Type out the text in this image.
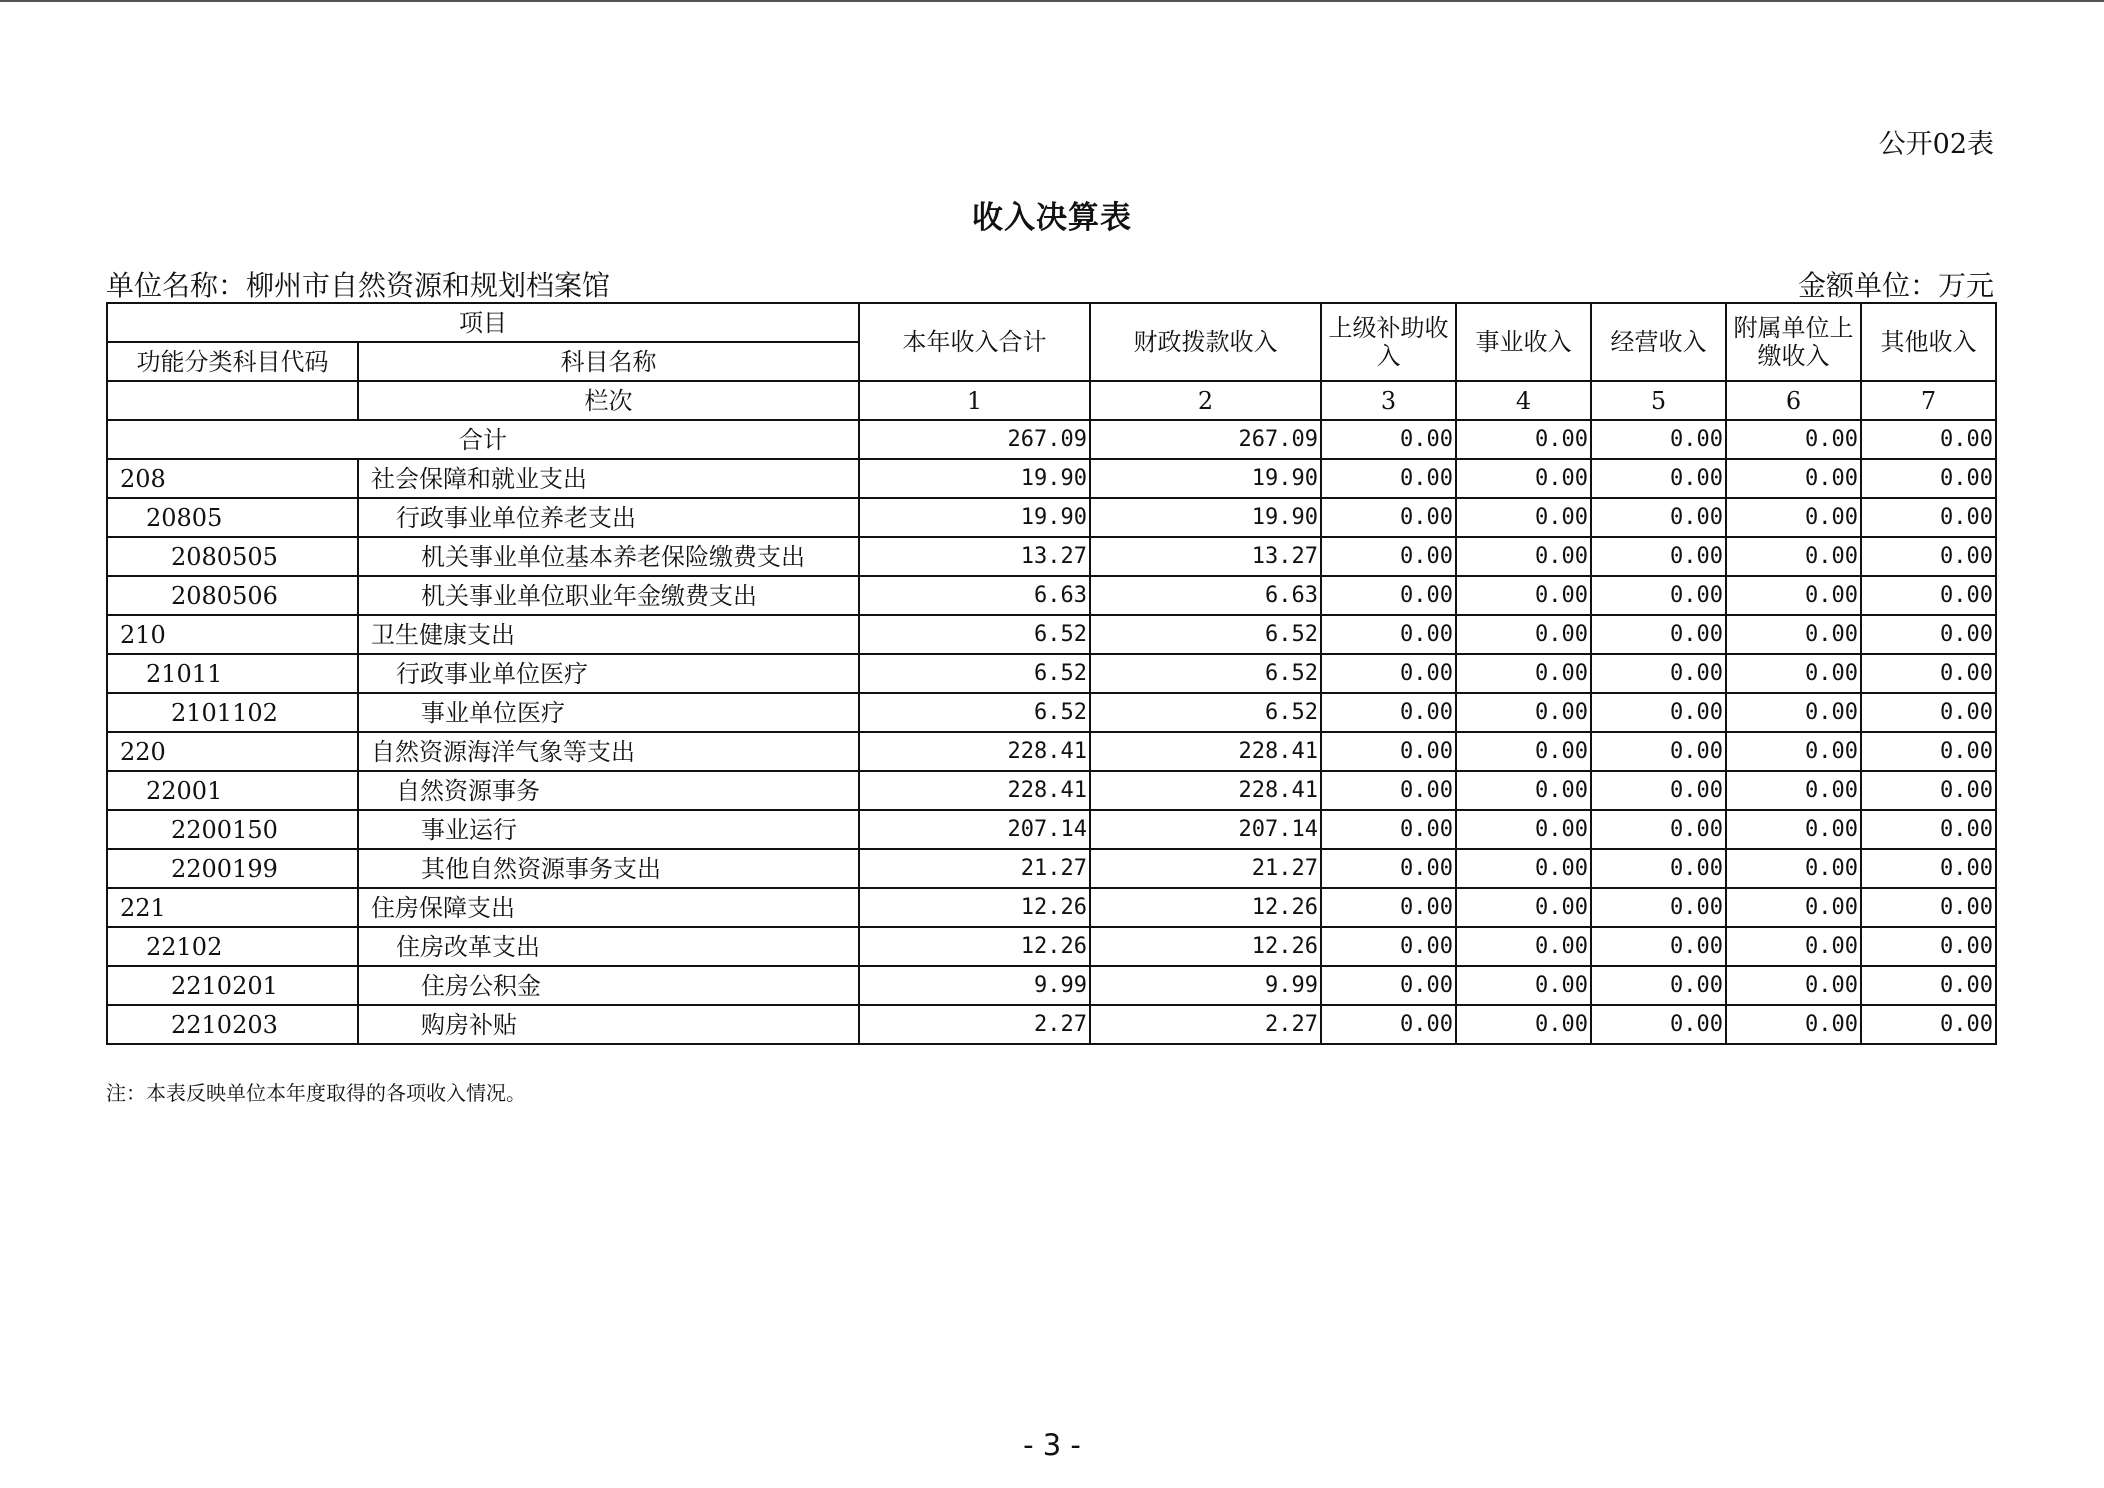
公开02表
收入决算表
单位名称：柳州市自然资源和规划档案馆	金额单位：万元
项目		本年收入合计	财政拨款收入	上级补助收入	事业收入	经营收入	附属单位上缴收入	其他收入
功能分类科目代码	科目名称							
	栏次	1	2	3	4	5	6	7
合计		267.09	267.09	0.00	0.00	0.00	0.00	0.00
208	社会保障和就业支出	19.90	19.90	0.00	0.00	0.00	0.00	0.00
20805	行政事业单位养老支出	19.90	19.90	0.00	0.00	0.00	0.00	0.00
2080505	机关事业单位基本养老保险缴费支出	13.27	13.27	0.00	0.00	0.00	0.00	0.00
2080506	机关事业单位职业年金缴费支出	6.63	6.63	0.00	0.00	0.00	0.00	0.00
210	卫生健康支出	6.52	6.52	0.00	0.00	0.00	0.00	0.00
21011	行政事业单位医疗	6.52	6.52	0.00	0.00	0.00	0.00	0.00
2101102	事业单位医疗	6.52	6.52	0.00	0.00	0.00	0.00	0.00
220	自然资源海洋气象等支出	228.41	228.41	0.00	0.00	0.00	0.00	0.00
22001	自然资源事务	228.41	228.41	0.00	0.00	0.00	0.00	0.00
2200150	事业运行	207.14	207.14	0.00	0.00	0.00	0.00	0.00
2200199	其他自然资源事务支出	21.27	21.27	0.00	0.00	0.00	0.00	0.00
221	住房保障支出	12.26	12.26	0.00	0.00	0.00	0.00	0.00
22102	住房改革支出	12.26	12.26	0.00	0.00	0.00	0.00	0.00
2210201	住房公积金	9.99	9.99	0.00	0.00	0.00	0.00	0.00
2210203	购房补贴	2.27	2.27	0.00	0.00	0.00	0.00	0.00
注：本表反映单位本年度取得的各项收入情况。
- 3 -
